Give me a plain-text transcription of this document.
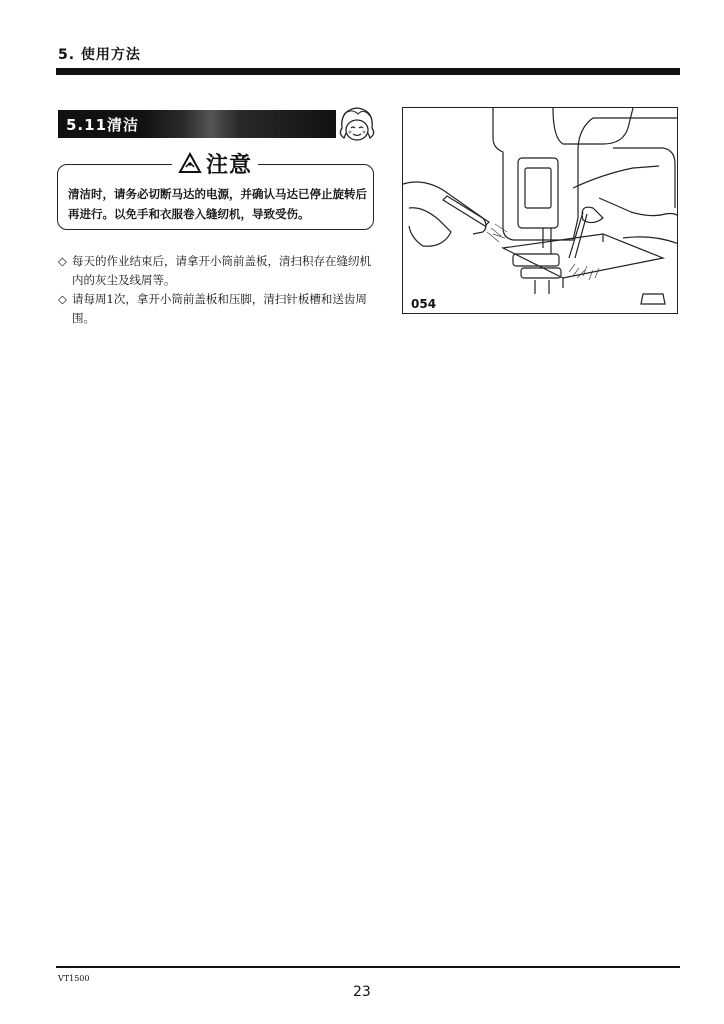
5. 使用方法
5.11清洁
注意
清洁时，请务必切断马达的电源，并确认马达已停止旋转后再进行。以免手和衣服卷入缝纫机，导致受伤。
◇ 每天的作业结束后，请拿开小筒前盖板，清扫积存在缝纫机内的灰尘及线屑等。
◇ 请每周1次，拿开小筒前盖板和压脚，清扫针板槽和送齿周围。
054
VT1500
23
